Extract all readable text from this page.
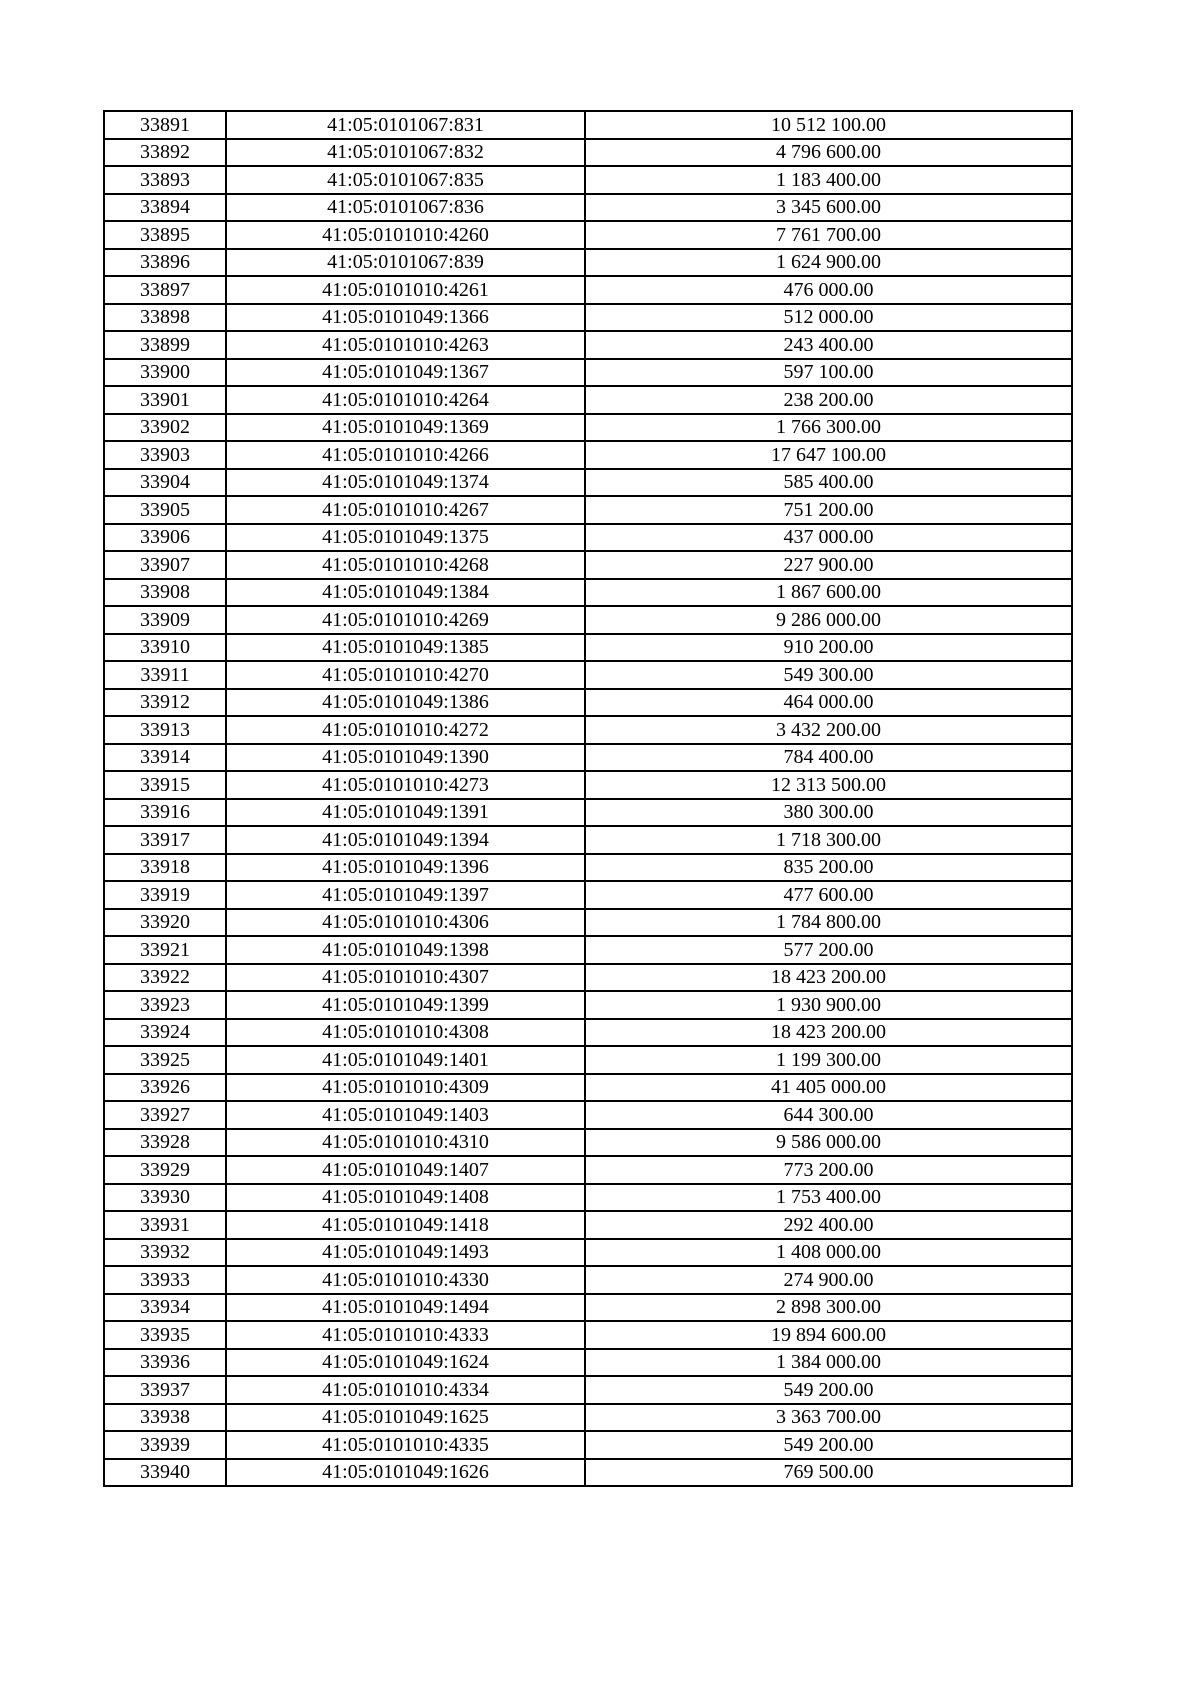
33891	41:05:0101067:831	10 512 100.00
33892	41:05:0101067:832	4 796 600.00
33893	41:05:0101067:835	1 183 400.00
33894	41:05:0101067:836	3 345 600.00
33895	41:05:0101010:4260	7 761 700.00
33896	41:05:0101067:839	1 624 900.00
33897	41:05:0101010:4261	476 000.00
33898	41:05:0101049:1366	512 000.00
33899	41:05:0101010:4263	243 400.00
33900	41:05:0101049:1367	597 100.00
33901	41:05:0101010:4264	238 200.00
33902	41:05:0101049:1369	1 766 300.00
33903	41:05:0101010:4266	17 647 100.00
33904	41:05:0101049:1374	585 400.00
33905	41:05:0101010:4267	751 200.00
33906	41:05:0101049:1375	437 000.00
33907	41:05:0101010:4268	227 900.00
33908	41:05:0101049:1384	1 867 600.00
33909	41:05:0101010:4269	9 286 000.00
33910	41:05:0101049:1385	910 200.00
33911	41:05:0101010:4270	549 300.00
33912	41:05:0101049:1386	464 000.00
33913	41:05:0101010:4272	3 432 200.00
33914	41:05:0101049:1390	784 400.00
33915	41:05:0101010:4273	12 313 500.00
33916	41:05:0101049:1391	380 300.00
33917	41:05:0101049:1394	1 718 300.00
33918	41:05:0101049:1396	835 200.00
33919	41:05:0101049:1397	477 600.00
33920	41:05:0101010:4306	1 784 800.00
33921	41:05:0101049:1398	577 200.00
33922	41:05:0101010:4307	18 423 200.00
33923	41:05:0101049:1399	1 930 900.00
33924	41:05:0101010:4308	18 423 200.00
33925	41:05:0101049:1401	1 199 300.00
33926	41:05:0101010:4309	41 405 000.00
33927	41:05:0101049:1403	644 300.00
33928	41:05:0101010:4310	9 586 000.00
33929	41:05:0101049:1407	773 200.00
33930	41:05:0101049:1408	1 753 400.00
33931	41:05:0101049:1418	292 400.00
33932	41:05:0101049:1493	1 408 000.00
33933	41:05:0101010:4330	274 900.00
33934	41:05:0101049:1494	2 898 300.00
33935	41:05:0101010:4333	19 894 600.00
33936	41:05:0101049:1624	1 384 000.00
33937	41:05:0101010:4334	549 200.00
33938	41:05:0101049:1625	3 363 700.00
33939	41:05:0101010:4335	549 200.00
33940	41:05:0101049:1626	769 500.00
